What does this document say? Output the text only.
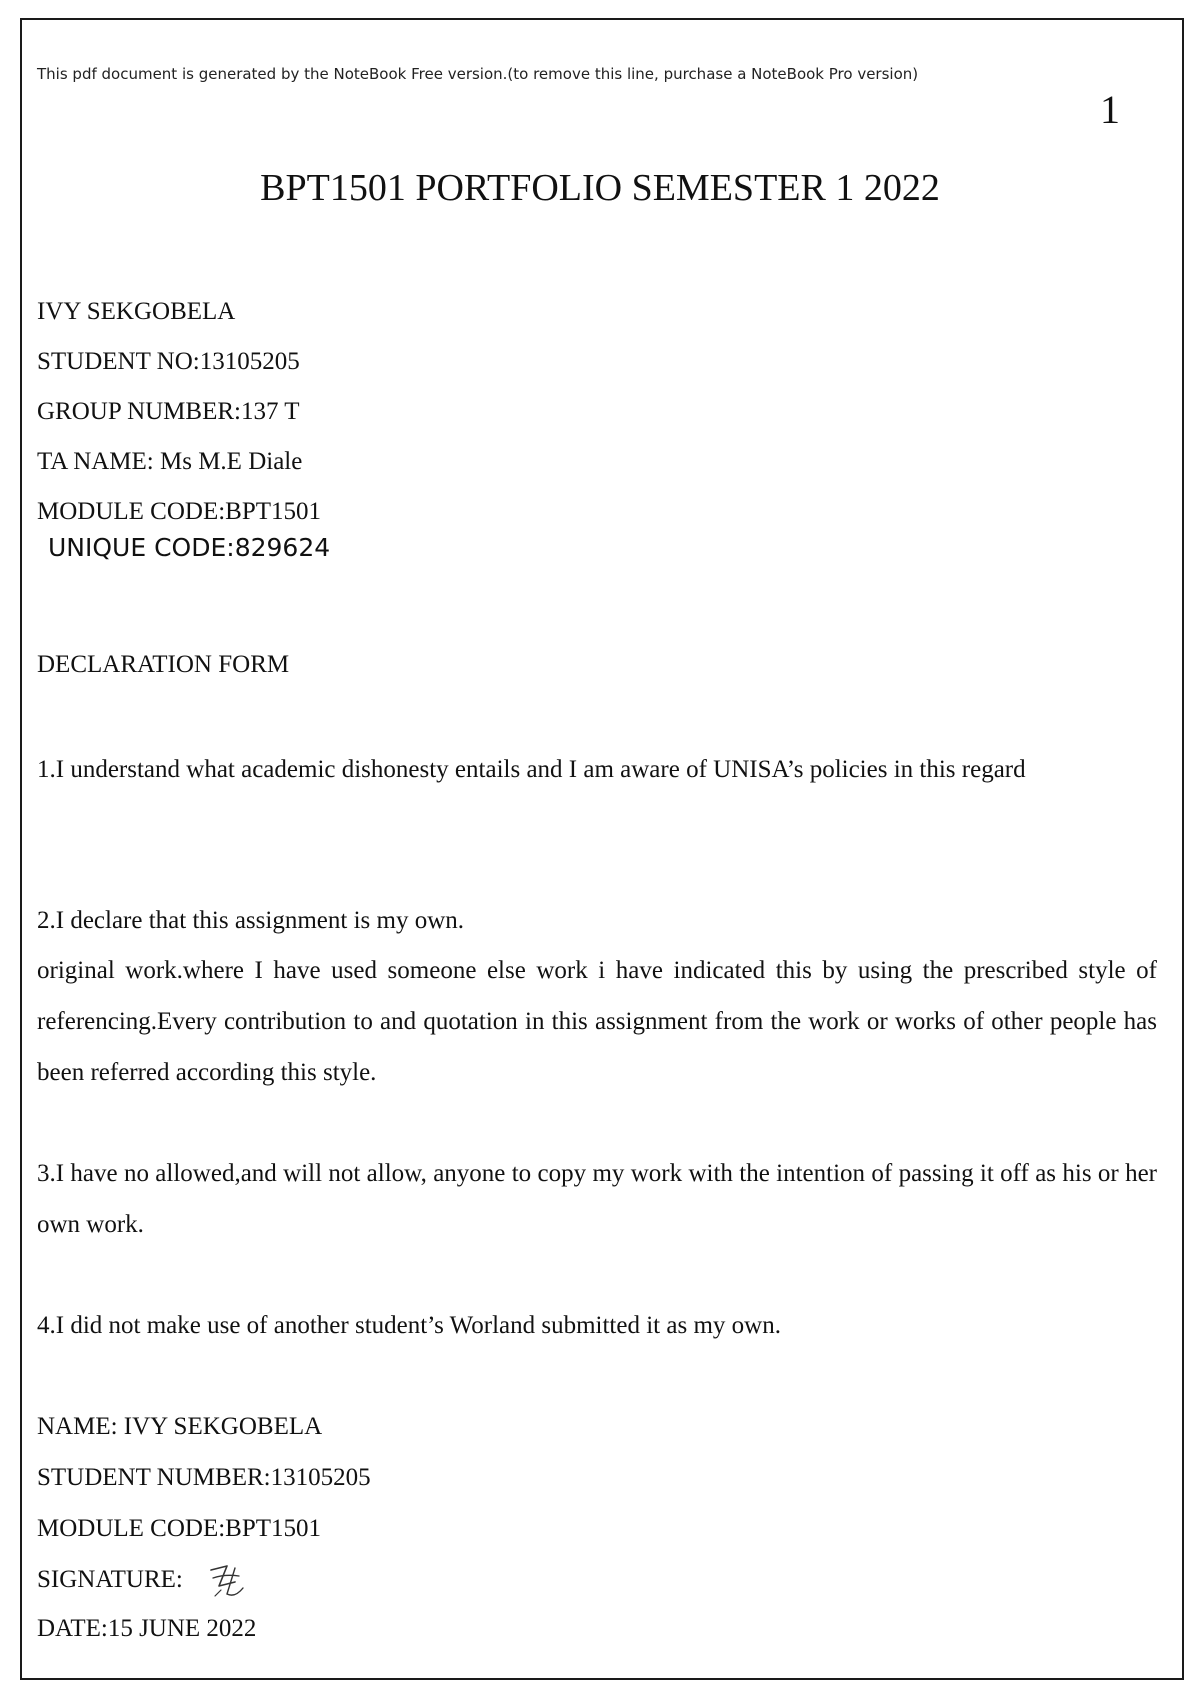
This pdf document is generated by the NoteBook Free version.(to remove this line, purchase a NoteBook Pro version)
1
BPT1501 PORTFOLIO SEMESTER 1 2022
IVY SEKGOBELA
STUDENT NO:13105205
GROUP NUMBER:137 T
TA NAME: Ms M.E Diale
MODULE CODE:BPT1501
UNIQUE CODE:829624
DECLARATION FORM
1.I understand what academic dishonesty entails and I am aware of UNISA’s policies in this regard
2.I declare that this assignment is my own.
original work.where I have used someone else work i have indicated this by using the prescribed style of referencing.Every contribution to and quotation in this assignment from the work or works of other people has been referred according this style.
3.I have no allowed,and will not allow, anyone to copy my work with the intention of passing it off as his or her own work.
4.I did not make use of another student’s Worland submitted it as my own.
NAME: IVY SEKGOBELA
STUDENT NUMBER:13105205
MODULE CODE:BPT1501
SIGNATURE:
DATE:15 JUNE 2022
